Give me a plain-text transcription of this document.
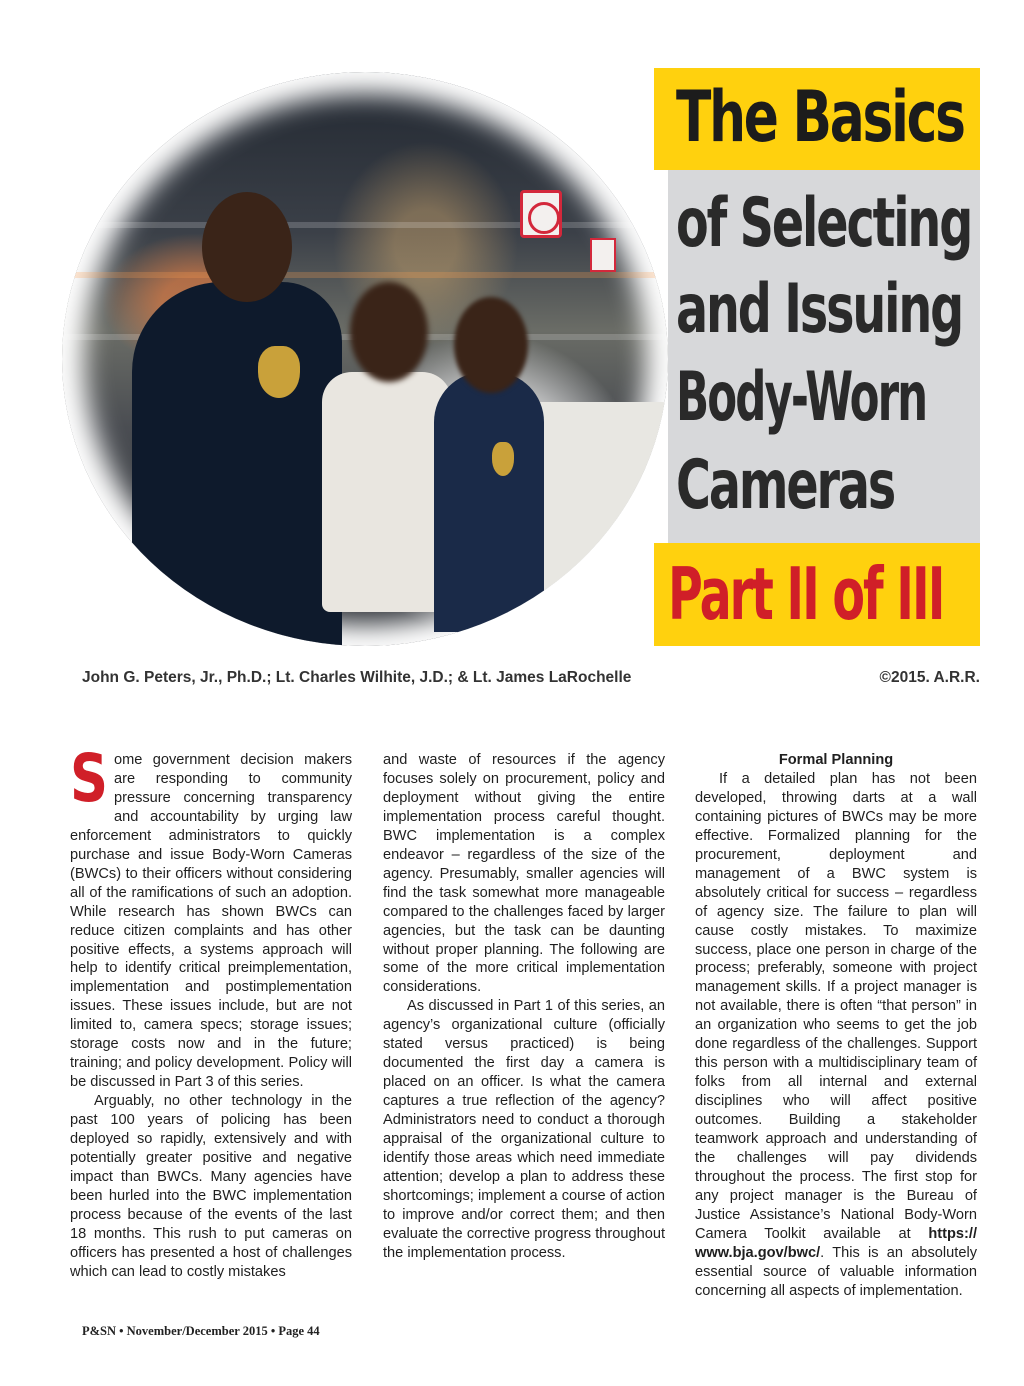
The Basics
of Selecting
and Issuing
Body-Worn
Cameras
Part II of III
John G. Peters, Jr., Ph.D.; Lt. Charles Wilhite, J.D.; & Lt. James LaRochelle	©2015. A.R.R.
S ome government decision makers are responding to community pressure concerning transparency and accountability by urging law enforcement administrators to quickly purchase and issue Body-Worn Cameras (BWCs) to their officers without considering all of the ramifications of such an adoption. While research has shown BWCs can reduce citizen complaints and has other positive effects, a systems approach will help to identify critical preimplementation, implementation and postimplementation issues. These issues include, but are not limited to, camera specs; storage issues; storage costs now and in the future; training; and policy development. Policy will be discussed in Part 3 of this series.

Arguably, no other technology in the past 100 years of policing has been deployed so rapidly, extensively and with potentially greater positive and negative impact than BWCs. Many agencies have been hurled into the BWC implementation process because of the events of the last 18 months. This rush to put cameras on officers has presented a host of challenges which can lead to costly mistakes

and waste of resources if the agency focuses solely on procurement, policy and deployment without giving the entire implementation process careful thought. BWC implementation is a complex endeavor – regardless of the size of the agency. Presumably, smaller agencies will find the task somewhat more manageable compared to the challenges faced by larger agencies, but the task can be daunting without proper planning. The following are some of the more critical implementation considerations.

As discussed in Part 1 of this series, an agency’s organizational culture (officially stated versus practiced) is being documented the first day a camera is placed on an officer. Is what the camera captures a true reflection of the agency? Administrators need to conduct a thorough appraisal of the organizational culture to identify those areas which need immediate attention; develop a plan to address these shortcomings; implement a course of action to improve and/or correct them; and then evaluate the corrective progress throughout the implementation process.

Formal Planning

If a detailed plan has not been developed, throwing darts at a wall containing pictures of BWCs may be more effective. Formalized planning for the procurement, deployment and management of a BWC system is absolutely critical for success – regardless of agency size. The failure to plan will cause costly mistakes. To maximize success, place one person in charge of the process; preferably, someone with project management skills. If a project manager is not available, there is often “that person” in an organization who seems to get the job done regardless of the challenges. Support this person with a multidisciplinary team of folks from all internal and external disciplines who will affect positive outcomes. Building a stakeholder teamwork approach and understanding of the challenges will pay dividends throughout the process. The first stop for any project manager is the Bureau of Justice Assistance’s National Body-Worn Camera Toolkit available at https://​www.bja.gov/bwc/. This is an absolutely essential source of valuable information concerning all aspects of implementation.

P&SN • November/December 2015 • Page 44
